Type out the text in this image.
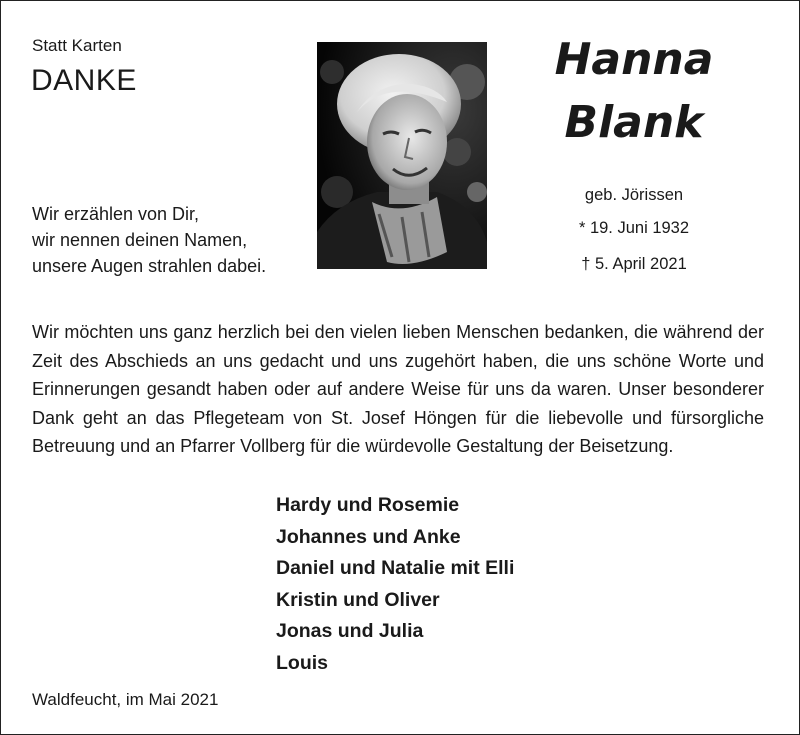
Statt Karten
DANKE
Wir erzählen von Dir,
wir nennen deinen Namen,
unsere Augen strahlen dabei.
Hanna
Blank
geb. Jörissen
* 19. Juni 1932
† 5. April 2021
Wir möchten uns ganz herzlich bei den vielen lieben Menschen bedanken, die während der Zeit des Abschieds an uns gedacht und uns zugehört haben, die uns schöne Worte und Erinnerungen gesandt haben oder auf andere Weise für uns da waren. Unser besonderer Dank geht an das Pflegeteam von St. Josef Höngen für die liebevolle und fürsorgliche Betreuung und an Pfarrer Vollberg für die würdevolle Gestaltung der Beisetzung.
Hardy und Rosemie
Johannes und Anke
Daniel und Natalie mit Elli
Kristin und Oliver
Jonas und Julia
Louis
Waldfeucht, im Mai 2021
